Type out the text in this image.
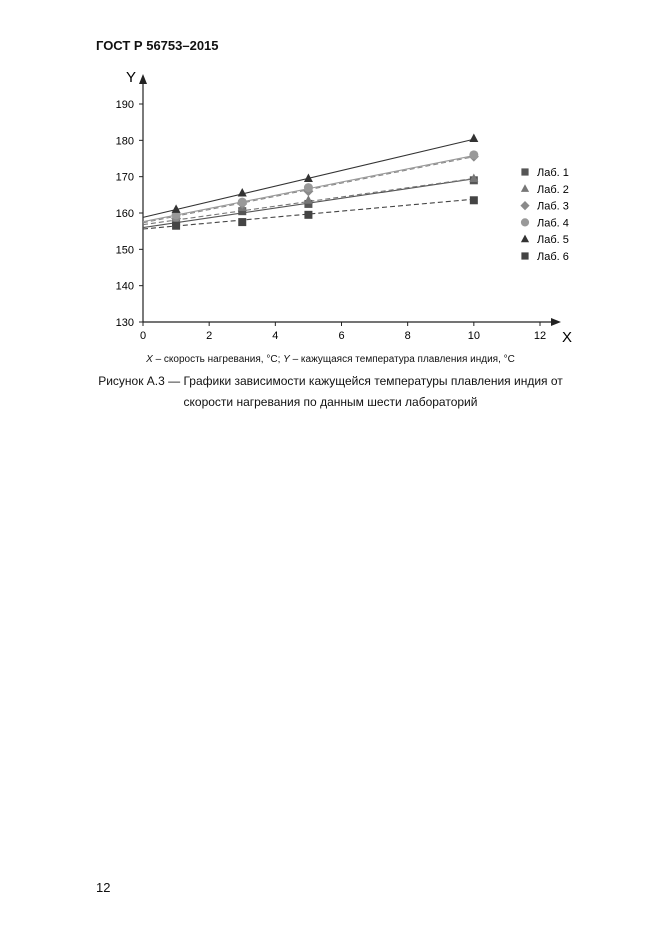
ГОСТ Р 56753–2015
Y
X
130
140
150
160
170
180
190
0	2	4	6	8	10	12
Лаб. 1
Лаб. 2
Лаб. 3
Лаб. 4
Лаб. 5
Лаб. 6
X – скорость нагревания, °С; Y – кажущаяся температура плавления индия, °С
Рисунок А.3 — Графики зависимости кажущейся температуры плавления индия от
скорости нагревания по данным шести лабораторий
12
